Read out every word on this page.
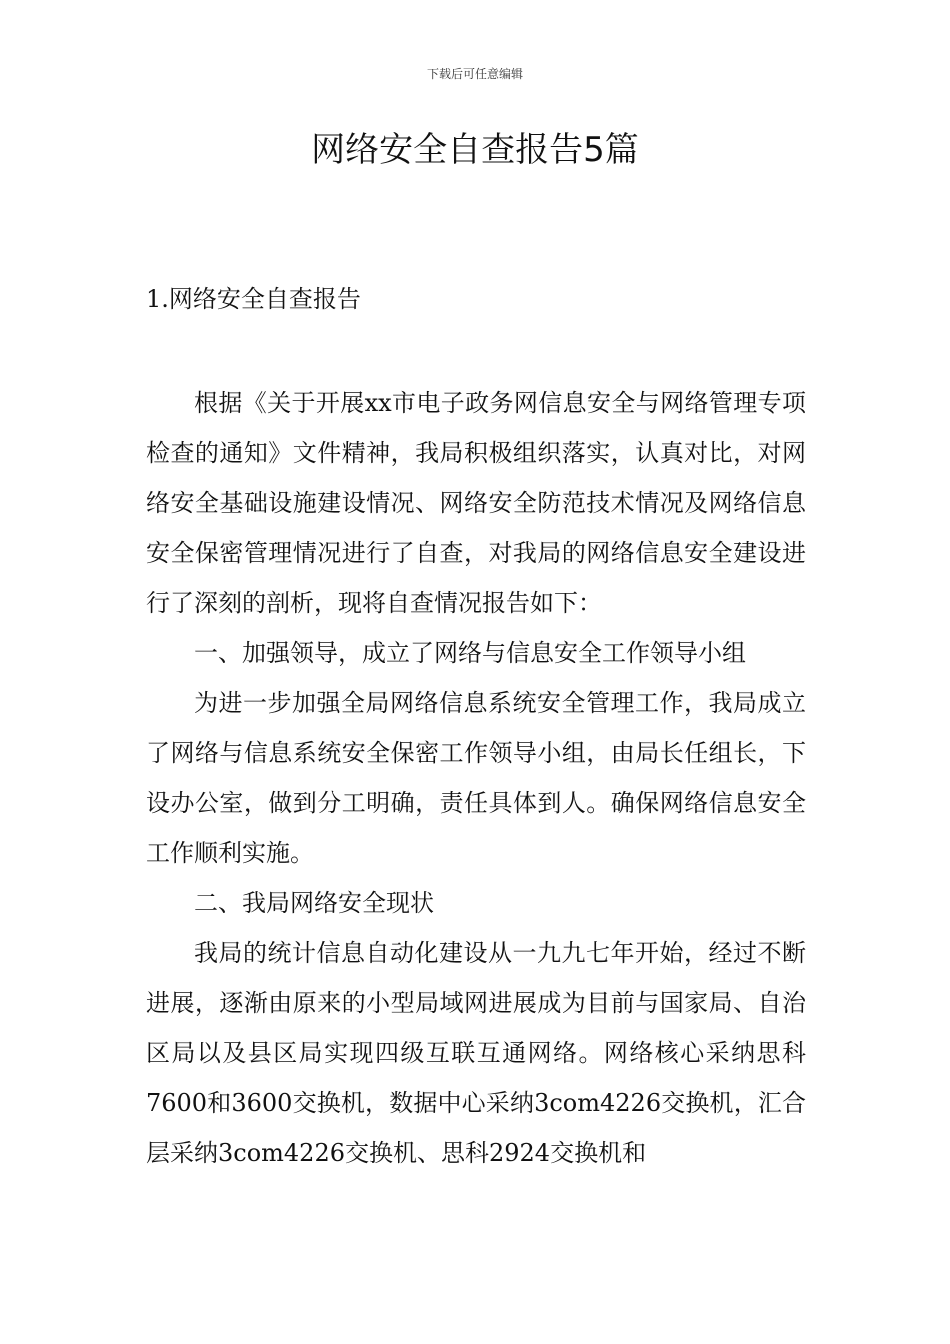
下载后可任意编辑
网络安全自查报告5篇
1.网络安全自查报告

根据《关于开展xx市电子政务网信息安全与网络管理专项检查的通知》文件精神，我局积极组织落实，认真对比，对网络安全基础设施建设情况、网络安全防范技术情况及网络信息安全保密管理情况进行了自查，对我局的网络信息安全建设进行了深刻的剖析，现将自查情况报告如下：

一、加强领导，成立了网络与信息安全工作领导小组

为进一步加强全局网络信息系统安全管理工作，我局成立了网络与信息系统安全保密工作领导小组，由局长任组长，下设办公室，做到分工明确，责任具体到人。确保网络信息安全工作顺利实施。

二、我局网络安全现状

我局的统计信息自动化建设从一九九七年开始，经过不断进展，逐渐由原来的小型局域网进展成为目前与国家局、自治区局以及县区局实现四级互联互通网络。网络核心采纳思科7600和3600交换机，数据中心采纳3com4226交换机，汇合层采纳3com4226交换机、思科2924交换机和
